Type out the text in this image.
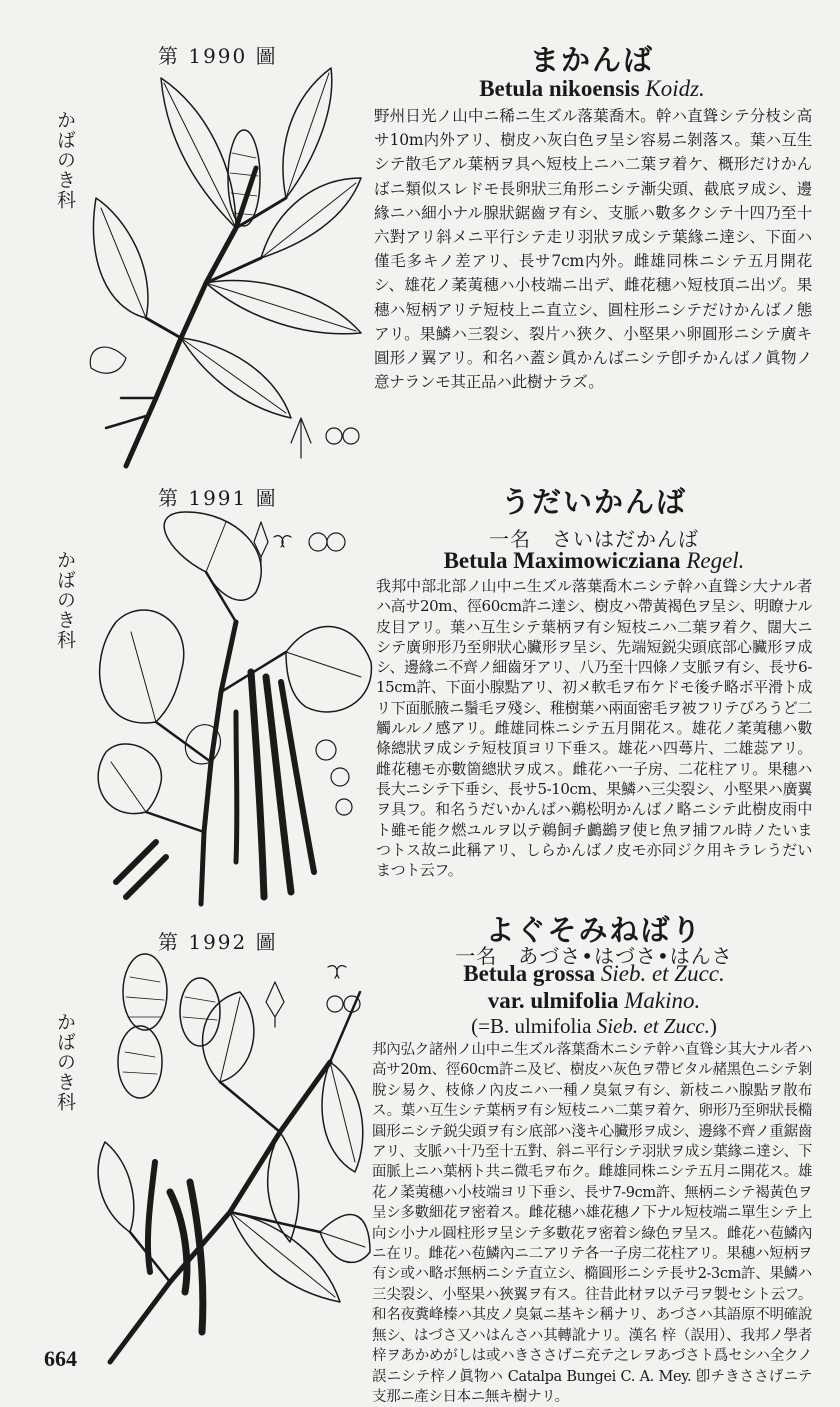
第 1990 圖
かばのき科
まかんば
Betula nikoensis Koidz.
野州日光ノ山中ニ稀ニ生ズル落葉喬木。幹ハ直聳シテ分枝シ高サ10m内外アリ、樹皮ハ灰白色ヲ呈シ容易ニ剝落ス。葉ハ互生シテ散毛アル葉柄ヲ具ヘ短枝上ニハ二葉ヲ着ケ、概形だけかんばニ類似スレドモ長卵狀三角形ニシテ漸尖頭、截底ヲ成シ、邊緣ニハ細小ナル腺狀鋸齒ヲ有シ、支脈ハ數多クシテ十四乃至十六對アリ斜メニ平行シテ走リ羽狀ヲ成シテ葉緣ニ達シ、下面ハ僅毛多キノ差アリ、長サ7cm内外。雌雄同株ニシテ五月開花シ、雄花ノ葇荑穗ハ小枝端ニ出デ、雌花穗ハ短枝頂ニ出ヅ。果穗ハ短柄アリテ短枝上ニ直立シ、圓柱形ニシテだけかんばノ態アリ。果鱗ハ三裂シ、裂片ハ狹ク、小堅果ハ卵圓形ニシテ廣キ圓形ノ翼アリ。和名ハ蓋シ眞かんばニシテ卽チかんばノ眞物ノ意ナランモ其正品ハ此樹ナラズ。
第 1991 圖
かばのき科
うだいかんば
一名　さいはだかんば
Betula Maximowicziana Regel.
我邦中部北部ノ山中ニ生ズル落葉喬木ニシテ幹ハ直聳シ大ナル者ハ高サ20m、徑60cm許ニ達シ、樹皮ハ帶黃褐色ヲ呈シ、明瞭ナル皮目アリ。葉ハ互生シテ葉柄ヲ有シ短枝ニハ二葉ヲ着ク、闊大ニシテ廣卵形乃至卵狀心臟形ヲ呈シ、先端短鋭尖頭底部心臟形ヲ成シ、邊緣ニ不齊ノ細齒牙アリ、八乃至十四條ノ支脈ヲ有シ、長サ6-15cm許、下面小腺點アリ、初メ軟毛ヲ布ケドモ後チ略ボ平滑ト成リ下面脈腋ニ鬚毛ヲ殘シ、稚樹葉ハ兩面密毛ヲ被フリテびろうど二觸ルルノ感アリ。雌雄同株ニシテ五月開花ス。雄花ノ葇荑穗ハ數條總狀ヲ成シテ短枝頂ヨリ下垂ス。雄花ハ四蕚片、二雄蕊アリ。雌花穗モ亦數箇總狀ヲ成ス。雌花ハ一子房、二花柱アリ。果穗ハ長大ニシテ下垂シ、長サ5-10cm、果鱗ハ三尖裂シ、小堅果ハ廣翼ヲ具フ。和名うだいかんばハ鵜松明かんばノ略ニシテ此樹皮雨中ト雖モ能ク燃ユルヲ以テ鵜飼チ鸕鷀ヲ使ヒ魚ヲ捕フル時ノたいまつトス故ニ此稱アリ、しらかんばノ皮モ亦同ジク用キラレうだいまつト云フ。
第 1992 圖
かばのき科
よぐそみねばり
一名　あづさ•はづさ•はんさ
Betula grossa Sieb. et Zucc.
var. ulmifolia Makino.
(=B. ulmifolia Sieb. et Zucc.)
邦內弘ク諸州ノ山中ニ生ズル落葉喬木ニシテ幹ハ直聳シ其大ナル者ハ高サ20m、徑60cm許ニ及ビ、樹皮ハ灰色ヲ帶ビタル赭黑色ニシテ剝脫シ易ク、枝條ノ內皮ニハ一種ノ臭氣ヲ有シ、新枝ニハ腺點ヲ散布ス。葉ハ互生シテ葉柄ヲ有シ短枝ニハ二葉ヲ着ケ、卵形乃至卵狀長橢圓形ニシテ鋭尖頭ヲ有シ底部ハ淺キ心臟形ヲ成シ、邊緣不齊ノ重鋸齒アリ、支脈ハ十乃至十五對、斜ニ平行シテ羽狀ヲ成シ葉緣ニ達シ、下面脈上ニハ葉柄ト共ニ微毛ヲ布ク。雌雄同株ニシテ五月ニ開花ス。雄花ノ葇荑穗ハ小枝端ヨリ下垂シ、長サ7-9cm許、無柄ニシテ褐黃色ヲ呈シ多數細花ヲ密着ス。雌花穗ハ雄花穗ノ下ナル短枝端ニ單生シテ上向シ小ナル圓柱形ヲ呈シテ多數花ヲ密着シ綠色ヲ呈ス。雌花ハ苞鱗內ニ在リ。雌花ハ苞鱗內ニ二アリテ各一子房二花柱アリ。果穗ハ短柄ヲ有シ或ハ略ボ無柄ニシテ直立シ、橢圓形ニシテ長サ2-3cm許、果鱗ハ三尖裂シ、小堅果ハ狹翼ヲ有ス。往昔此材ヲ以テ弓ヲ製セシト云フ。和名夜糞峰榛ハ其皮ノ臭氣ニ基キシ稱ナリ、あづさハ其語原不明確說無シ、はづさ又ハはんさハ其轉訛ナリ。漢名 梓（誤用）、我邦ノ學者梓ヲあかめがしは或ハきささげニ充テ之レヲあづさト爲セシハ全クノ誤ニシテ梓ノ眞物ハ Catalpa Bungei C. A. Mey. 卽チきささげニテ支那ニ產シ日本ニ無キ樹ナリ。
664
